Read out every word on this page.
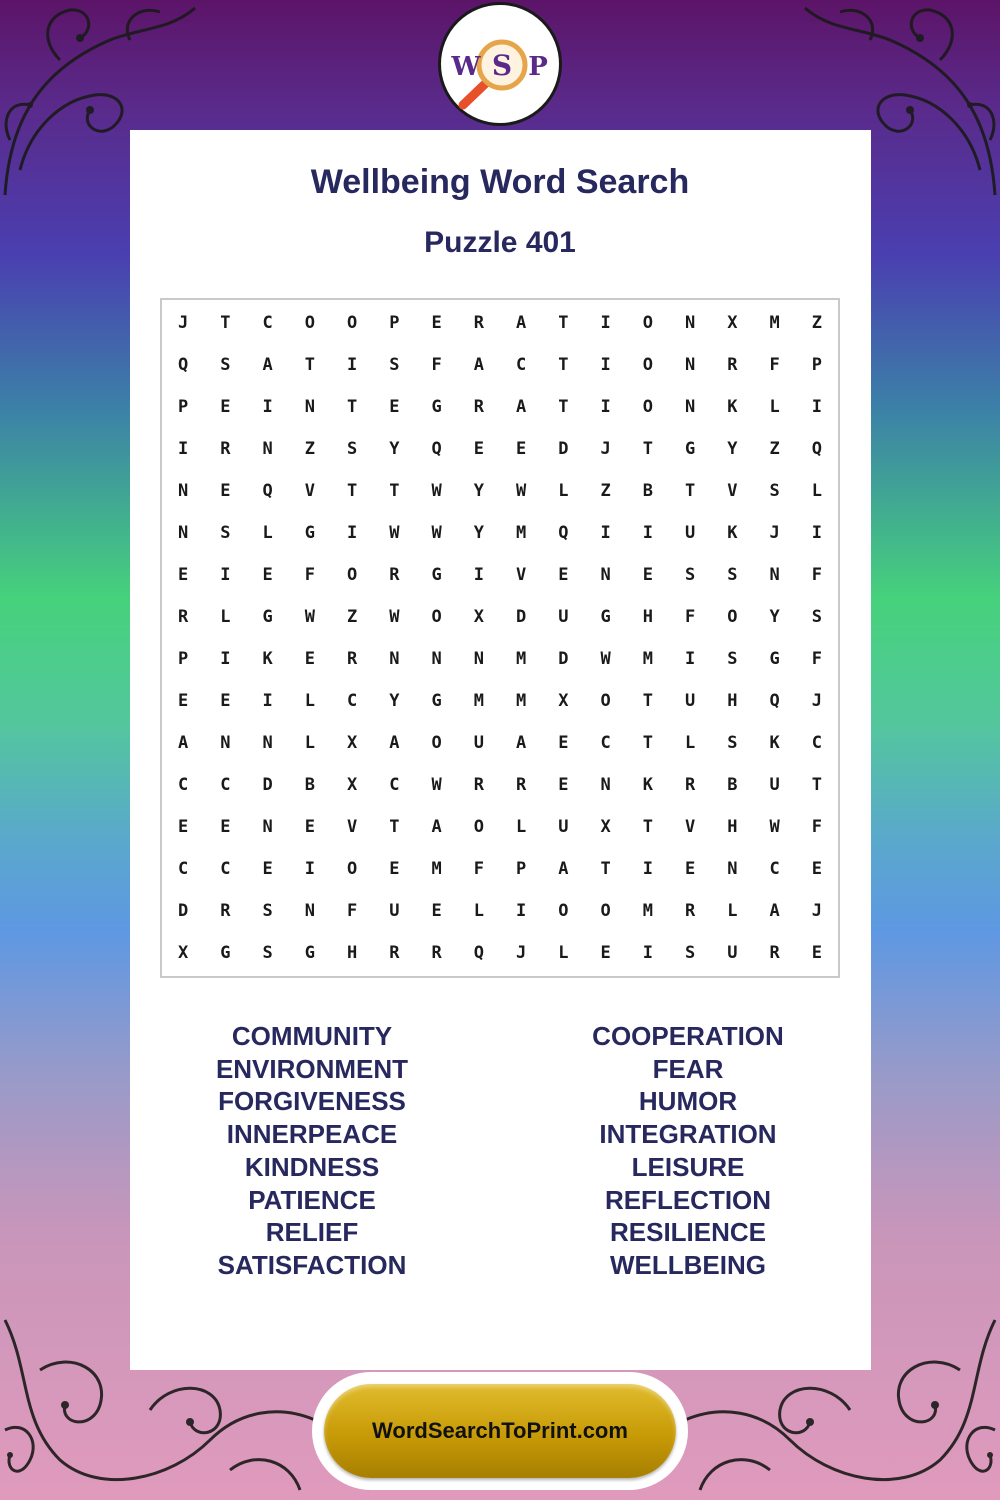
W S P
Wellbeing Word Search
Puzzle 401
J	T	C	O	O	P	E	R	A	T	I	O	N	X	M	Z
Q	S	A	T	I	S	F	A	C	T	I	O	N	R	F	P
P	E	I	N	T	E	G	R	A	T	I	O	N	K	L	I
I	R	N	Z	S	Y	Q	E	E	D	J	T	G	Y	Z	Q
N	E	Q	V	T	T	W	Y	W	L	Z	B	T	V	S	L
N	S	L	G	I	W	W	Y	M	Q	I	I	U	K	J	I
E	I	E	F	O	R	G	I	V	E	N	E	S	S	N	F
R	L	G	W	Z	W	O	X	D	U	G	H	F	O	Y	S
P	I	K	E	R	N	N	N	M	D	W	M	I	S	G	F
E	E	I	L	C	Y	G	M	M	X	O	T	U	H	Q	J
A	N	N	L	X	A	O	U	A	E	C	T	L	S	K	C
C	C	D	B	X	C	W	R	R	E	N	K	R	B	U	T
E	E	N	E	V	T	A	O	L	U	X	T	V	H	W	F
C	C	E	I	O	E	M	F	P	A	T	I	E	N	C	E
D	R	S	N	F	U	E	L	I	O	O	M	R	L	A	J
X	G	S	G	H	R	R	Q	J	L	E	I	S	U	R	E
COMMUNITY
ENVIRONMENT
FORGIVENESS
INNERPEACE
KINDNESS
PATIENCE
RELIEF
SATISFACTION
COOPERATION
FEAR
HUMOR
INTEGRATION
LEISURE
REFLECTION
RESILIENCE
WELLBEING
WordSearchToPrint.com
